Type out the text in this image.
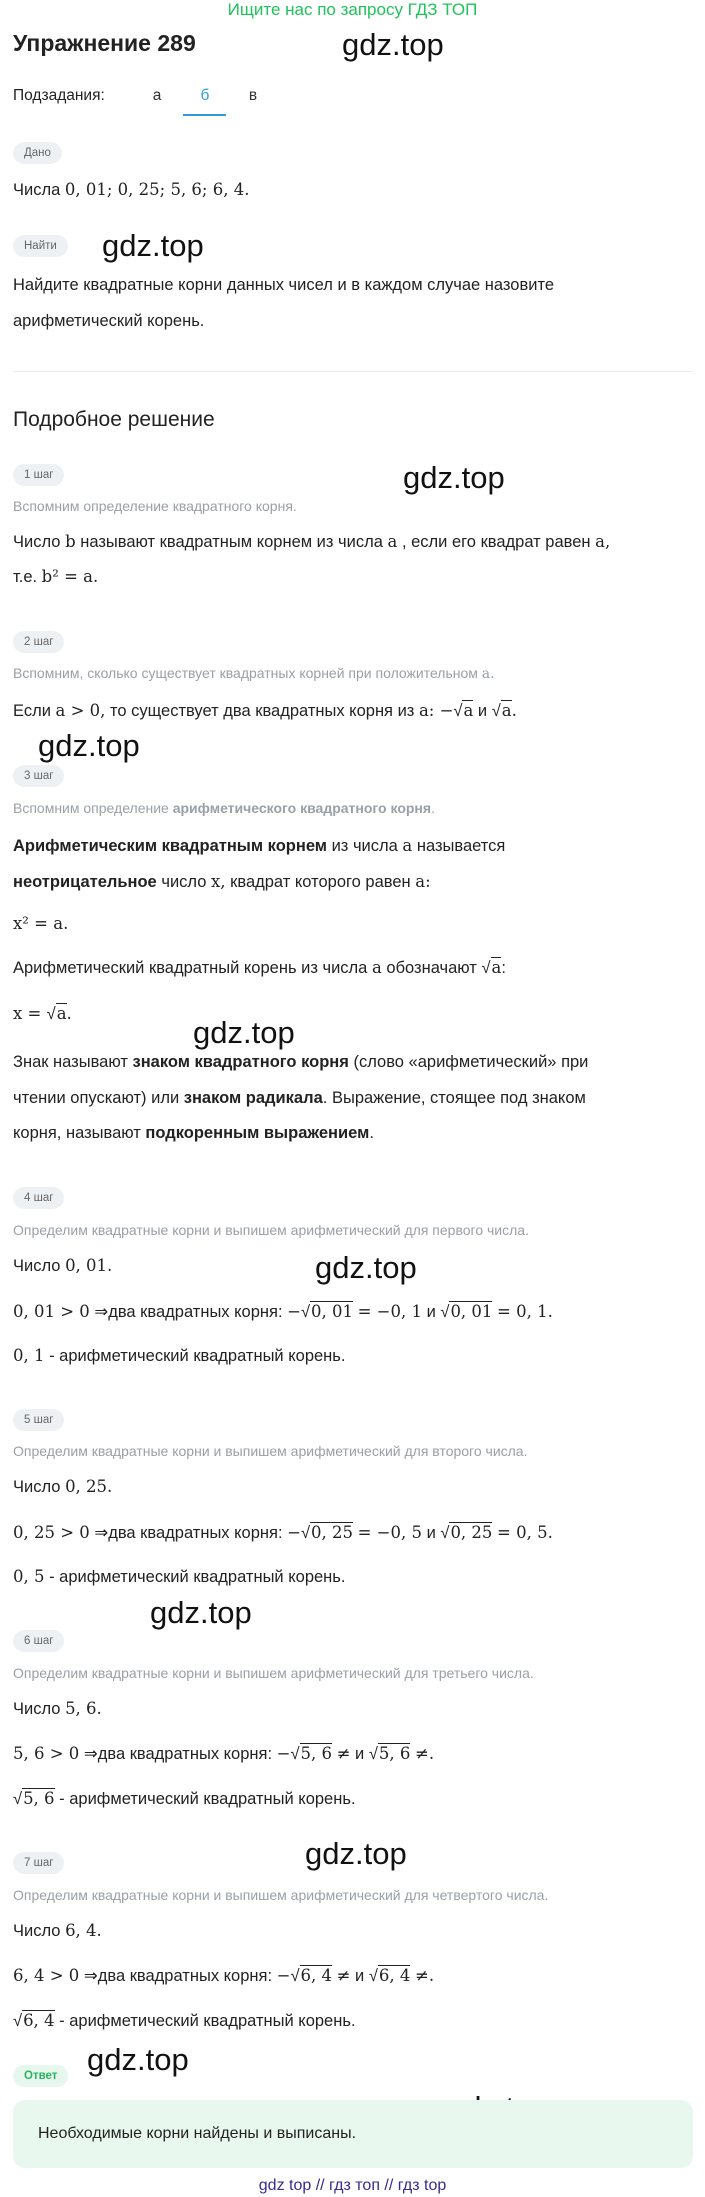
Ищите нас по запросу ГДЗ ТОП
Упражнение 289	gdz.top
gdz.top
gdz.top
gdz.top
gdz.top
gdz.top
gdz.top
gdz.top
gdz.top
Подзадания:	а	б	в
Дано
Числа 0, 01; 0, 25; 5, 6; 6, 4.
Найти
Найдите квадратные корни данных чисел и в каждом случае назовите
арифметический корень.
Подробное решение
1 шаг
Вспомним определение квадратного корня.
Число b называют квадратным корнем из числа a , если его квадрат равен a,
т.е. b² = a.
2 шаг
Вспомним, сколько существует квадратных корней при положительном a.
Если a > 0, то существует два квадратных корня из a: −√a и √a.
3 шаг
Вспомним определение арифметического квадратного корня.
Арифметическим квадратным корнем из числа a называется
неотрицательное число x, квадрат которого равен a:
x² = a.
Арифметический квадратный корень из числа a обозначают √a:
x = √a.
Знак называют знаком квадратного корня (слово «арифметический» при
чтении опускают) или знаком радикала. Выражение, стоящее под знаком
корня, называют подкоренным выражением.
4 шаг
Определим квадратные корни и выпишем арифметический для первого числа.
Число 0, 01.
0, 01 > 0 ⇒два квадратных корня: −√0, 01 = −0, 1 и √0, 01 = 0, 1.
0, 1 - арифметический квадратный корень.
5 шаг
Определим квадратные корни и выпишем арифметический для второго числа.
Число 0, 25.
0, 25 > 0 ⇒два квадратных корня: −√0, 25 = −0, 5 и √0, 25 = 0, 5.
0, 5 - арифметический квадратный корень.
6 шаг
Определим квадратные корни и выпишем арифметический для третьего числа.
Число 5, 6.
5, 6 > 0 ⇒два квадратных корня: −√5, 6 ≠ и √5, 6 ≠.
√5, 6 - арифметический квадратный корень.
7 шаг
Определим квадратные корни и выпишем арифметический для четвертого числа.
Число 6, 4.
6, 4 > 0 ⇒два квадратных корня: −√6, 4 ≠ и √6, 4 ≠.
√6, 4 - арифметический квадратный корень.
Ответ
Необходимые корни найдены и выписаны.
gdz top // гдз топ // гдз top
